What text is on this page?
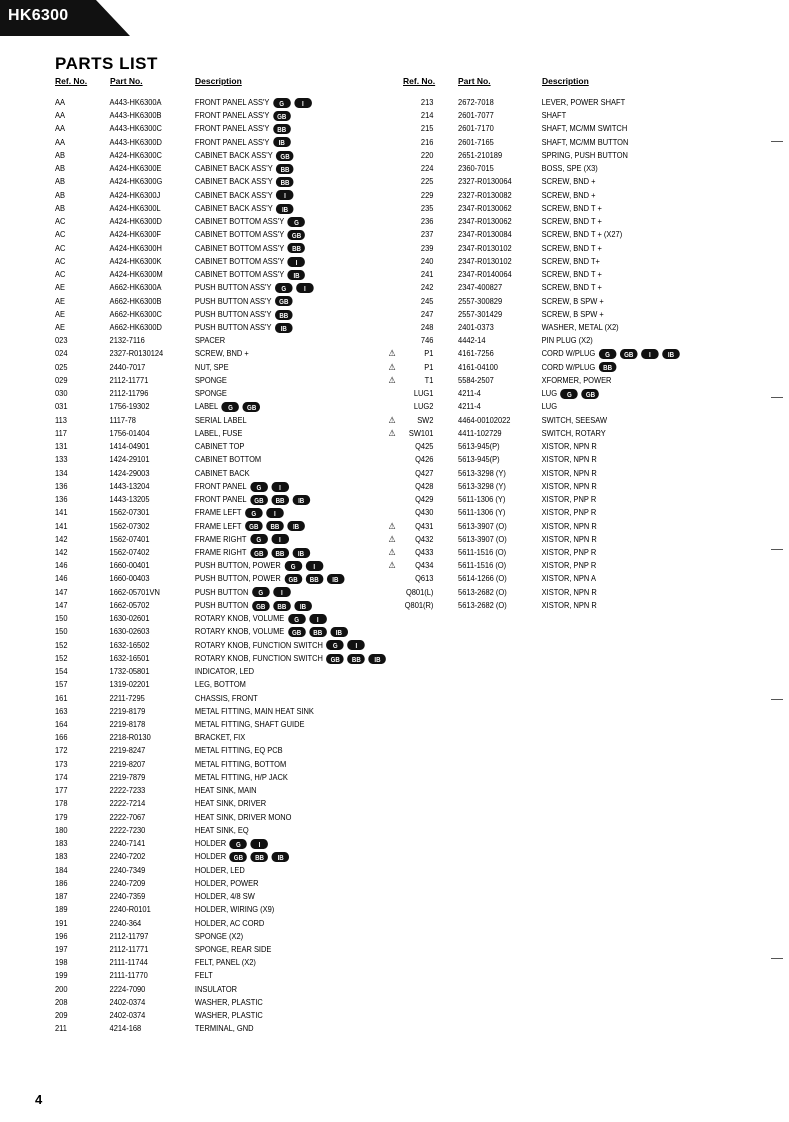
HK6300
PARTS LIST
Ref. No.	Part No.	Description
AA	A443-HK6300A	FRONT PANEL ASS'Y G	I
AA	A443-HK6300B	FRONT PANEL ASS'Y GB
AA	A443-HK6300C	FRONT PANEL ASS'Y BB
AA	A443-HK6300D	FRONT PANEL ASS'Y IB
AB	A424-HK6300C	CABINET BACK ASS'Y GB
AB	A424-HK6300E	CABINET BACK ASS'Y BB
AB	A424-HK6300G	CABINET BACK ASS'Y BB
AB	A424-HK6300J	CABINET BACK ASS'Y I
AB	A424-HK6300L	CABINET BACK ASS'Y IB
AC	A424-HK6300D	CABINET BOTTOM ASS'Y G
AC	A424-HK6300F	CABINET BOTTOM ASS'Y GB
AC	A424-HK6300H	CABINET BOTTOM ASS'Y BB
AC	A424-HK6300K	CABINET BOTTOM ASS'Y I
AC	A424-HK6300M	CABINET BOTTOM ASS'Y IB
AE	A662-HK6300A	PUSH BUTTON ASS'Y G	I
AE	A662-HK6300B	PUSH BUTTON ASS'Y GB
AE	A662-HK6300C	PUSH BUTTON ASS'Y BB
AE	A662-HK6300D	PUSH BUTTON ASS'Y IB
023	2132-7116	SPACER
024	2327-R0130124	SCREW, BND +
025	2440-7017	NUT, SPE
029	2112-11771	SPONGE
030	2112-11796	SPONGE
031	1756-19302	LABEL G GB
113	1117-78	SERIAL LABEL
117	1756-01404	LABEL, FUSE
131	1414-04901	CABINET TOP
133	1424-29101	CABINET BOTTOM
134	1424-29003	CABINET BACK
136	1443-13204	FRONT PANEL G	I
136	1443-13205	FRONT PANEL GB BB IB
141	1562-07301	FRAME LEFT G	I
141	1562-07302	FRAME LEFT GB BB IB
142	1562-07401	FRAME RIGHT G	I
142	1562-07402	FRAME RIGHT GB BB IB
146	1660-00401	PUSH BUTTON, POWER G	I
146	1660-00403	PUSH BUTTON, POWER GB BB IB
147	1662-05701VN	PUSH BUTTON G	I
147	1662-05702	PUSH BUTTON GB BB IB
150	1630-02601	ROTARY KNOB, VOLUME G	I
150	1630-02603	ROTARY KNOB, VOLUME GB BB IB
152	1632-16502	ROTARY KNOB, FUNCTION SWITCH G	I
152	1632-16501	ROTARY KNOB, FUNCTION SWITCH GB BB IB
154	1732-05801	INDICATOR, LED
157	1319-02201	LEG, BOTTOM
161	2211-7295	CHASSIS, FRONT
163	2219-8179	METAL FITTING, MAIN HEAT SINK
164	2219-8178	METAL FITTING, SHAFT GUIDE
166	2218-R0130	BRACKET, FIX
172	2219-8247	METAL FITTING, EQ PCB
173	2219-8207	METAL FITTING, BOTTOM
174	2219-7879	METAL FITTING, H/P JACK
177	2222-7233	HEAT SINK, MAIN
178	2222-7214	HEAT SINK, DRIVER
179	2222-7067	HEAT SINK, DRIVER MONO
180	2222-7230	HEAT SINK, EQ
183	2240-7141	HOLDER G	I
183	2240-7202	HOLDER GB BB IB
184	2240-7349	HOLDER, LED
186	2240-7209	HOLDER, POWER
187	2240-7359	HOLDER, 4/8 SW
189	2240-R0101	HOLDER, WIRING (X9)
191	2240-364	HOLDER, AC CORD
196	2112-11797	SPONGE (X2)
197	2112-11771	SPONGE, REAR SIDE
198	2111-11744	FELT, PANEL (X2)
199	2111-11770	FELT
200	2224-7090	INSULATOR
208	2402-0374	WASHER, PLASTIC
209	2402-0374	WASHER, PLASTIC
211	4214-168	TERMINAL, GND
Ref. No.	Part No.	Description
213	2672-7018	LEVER, POWER SHAFT
214	2601-7077	SHAFT
215	2601-7170	SHAFT, MC/MM SWITCH
216	2601-7165	SHAFT, MC/MM BUTTON
220	2651-210189	SPRING, PUSH BUTTON
224	2360-7015	BOSS, SPE (X3)
225	2327-R0130064	SCREW, BND +
229	2327-R0130082	SCREW, BND +
235	2347-R0130062	SCREW, BND T +
236	2347-R0130062	SCREW, BND T +
237	2347-R0130084	SCREW, BND T + (X27)
239	2347-R0130102	SCREW, BND T +
240	2347-R0130102	SCREW, BND T+
241	2347-R0140064	SCREW, BND T +
242	2347-400827	SCREW, BND T +
245	2557-300829	SCREW, B SPW +
247	2557-301429	SCREW, B SPW +
248	2401-0373	WASHER, METAL (X2)
746	4442-14	PIN PLUG (X2)
⚠	P1	4161-7256	CORD W/PLUG G GB I IB
⚠	P1	4161-04100	CORD W/PLUG BB
⚠	T1	5584-2507	XFORMER, POWER
LUG1	4211-4	LUG G GB
LUG2	4211-4	LUG
⚠	SW2	4464-00102022	SWITCH, SEESAW
⚠ SW101	4411-102729	SWITCH, ROTARY
Q425	5613-945(P)	XISTOR, NPN R
Q426	5613-945(P)	XISTOR, NPN R
Q427	5613-3298 (Y)	XISTOR, NPN R
Q428	5613-3298 (Y)	XISTOR, NPN R
Q429	5611-1306 (Y)	XISTOR, PNP R
Q430	5611-1306 (Y)	XISTOR, PNP R
⚠ Q431	5613-3907 (O)	XISTOR, NPN R
⚠ Q432	5613-3907 (O)	XISTOR, NPN R
⚠ Q433	5611-1516 (O)	XISTOR, PNP R
⚠ Q434	5611-1516 (O)	XISTOR, PNP R
Q613	5614-1266 (O)	XISTOR, NPN A
Q801(L)	5613-2682 (O)	XISTOR, NPN R
Q801(R)	5613-2682 (O)	XISTOR, NPN R
4
